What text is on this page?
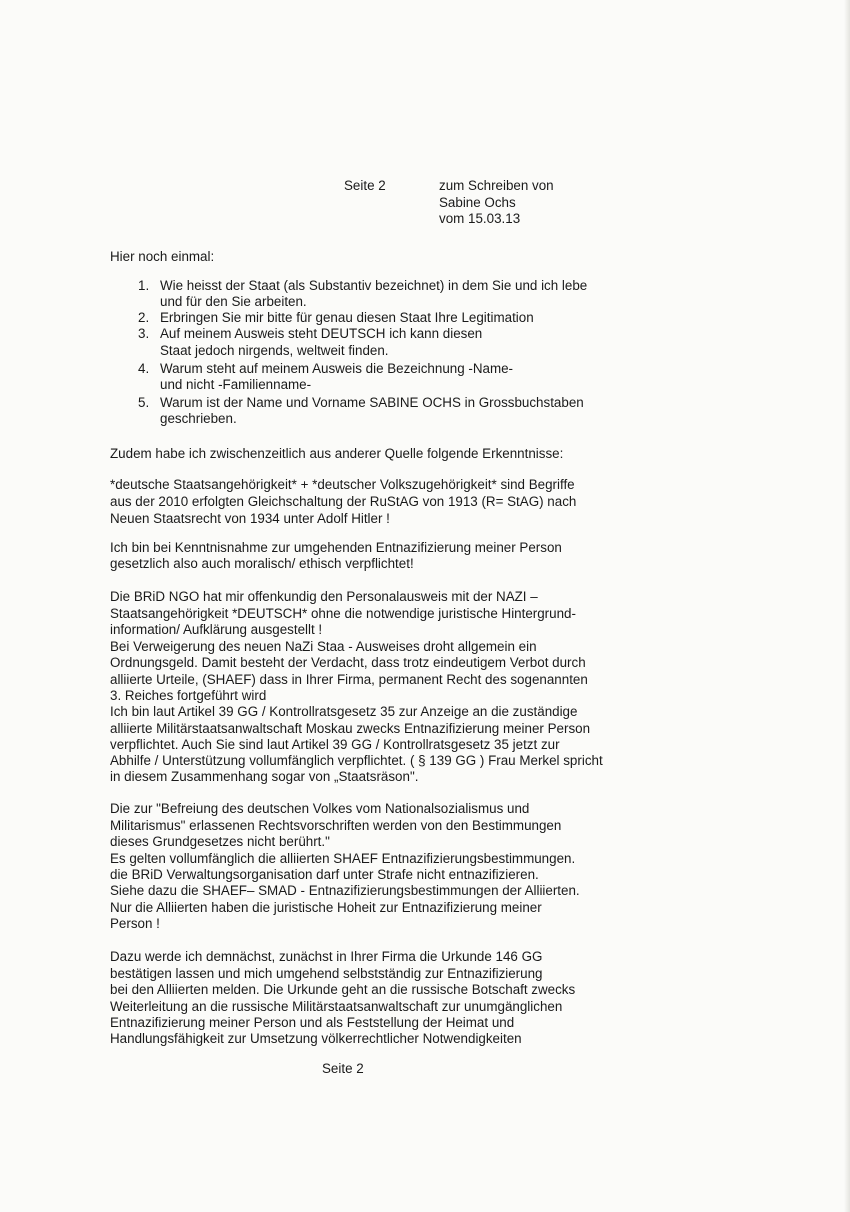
Seite 2	zum Schreiben von
Sabine Ochs
vom 15.03.13
Hier noch einmal:
1. Wie heisst der Staat (als Substantiv bezeichnet) in dem Sie und ich lebe
und für den Sie arbeiten.
2. Erbringen Sie mir bitte für genau diesen Staat Ihre Legitimation
3. Auf meinem Ausweis steht DEUTSCH ich kann diesen
Staat jedoch nirgends, weltweit finden.
4. Warum steht auf meinem Ausweis die Bezeichnung -Name-
und nicht -Familienname-
5. Warum ist der Name und Vorname SABINE OCHS in Grossbuchstaben
geschrieben.
Zudem habe ich zwischenzeitlich aus anderer Quelle folgende Erkenntnisse:
*deutsche Staatsangehörigkeit* + *deutscher Volkszugehörigkeit* sind Begriffe
aus der 2010 erfolgten Gleichschaltung der RuStAG von 1913 (R= StAG) nach
Neuen Staatsrecht von 1934 unter Adolf Hitler !
Ich bin bei Kenntnisnahme zur umgehenden Entnazifizierung meiner Person
gesetzlich also auch moralisch/ ethisch verpflichtet!
Die BRiD NGO hat mir offenkundig den Personalausweis mit der NAZI –
Staatsangehörigkeit *DEUTSCH* ohne die notwendige juristische Hintergrund-
information/ Aufklärung ausgestellt !
Bei Verweigerung des neuen NaZi Staa - Ausweises droht allgemein ein
Ordnungsgeld. Damit besteht der Verdacht, dass trotz eindeutigem Verbot durch
alliierte Urteile, (SHAEF) dass in Ihrer Firma, permanent Recht des sogenannten
3. Reiches fortgeführt wird
Ich bin laut Artikel 39 GG / Kontrollratsgesetz 35 zur Anzeige an die zuständige
alliierte Militärstaatsanwaltschaft Moskau zwecks Entnazifizierung meiner Person
verpflichtet. Auch Sie sind laut Artikel 39 GG / Kontrollratsgesetz 35 jetzt zur
Abhilfe / Unterstützung vollumfänglich verpflichtet. ( § 139 GG ) Frau Merkel spricht
in diesem Zusammenhang sogar von „Staatsräson".
Die zur "Befreiung des deutschen Volkes vom Nationalsozialismus und
Militarismus" erlassenen Rechtsvorschriften werden von den Bestimmungen
dieses Grundgesetzes nicht berührt."
Es gelten vollumfänglich die alliierten SHAEF Entnazifizierungsbestimmungen.
die BRiD Verwaltungsorganisation darf unter Strafe nicht entnazifizieren.
Siehe dazu die SHAEF– SMAD - Entnazifizierungsbestimmungen der Alliierten.
Nur die Alliierten haben die juristische Hoheit zur Entnazifizierung meiner
Person !
Dazu werde ich demnächst, zunächst in Ihrer Firma die Urkunde 146 GG
bestätigen lassen und mich umgehend selbstständig zur Entnazifizierung
bei den Alliierten melden. Die Urkunde geht an die russische Botschaft zwecks
Weiterleitung an die russische Militärstaatsanwaltschaft zur unumgänglichen
Entnazifizierung meiner Person und als Feststellung der Heimat und
Handlungsfähigkeit zur Umsetzung völkerrechtlicher Notwendigkeiten
Seite 2
